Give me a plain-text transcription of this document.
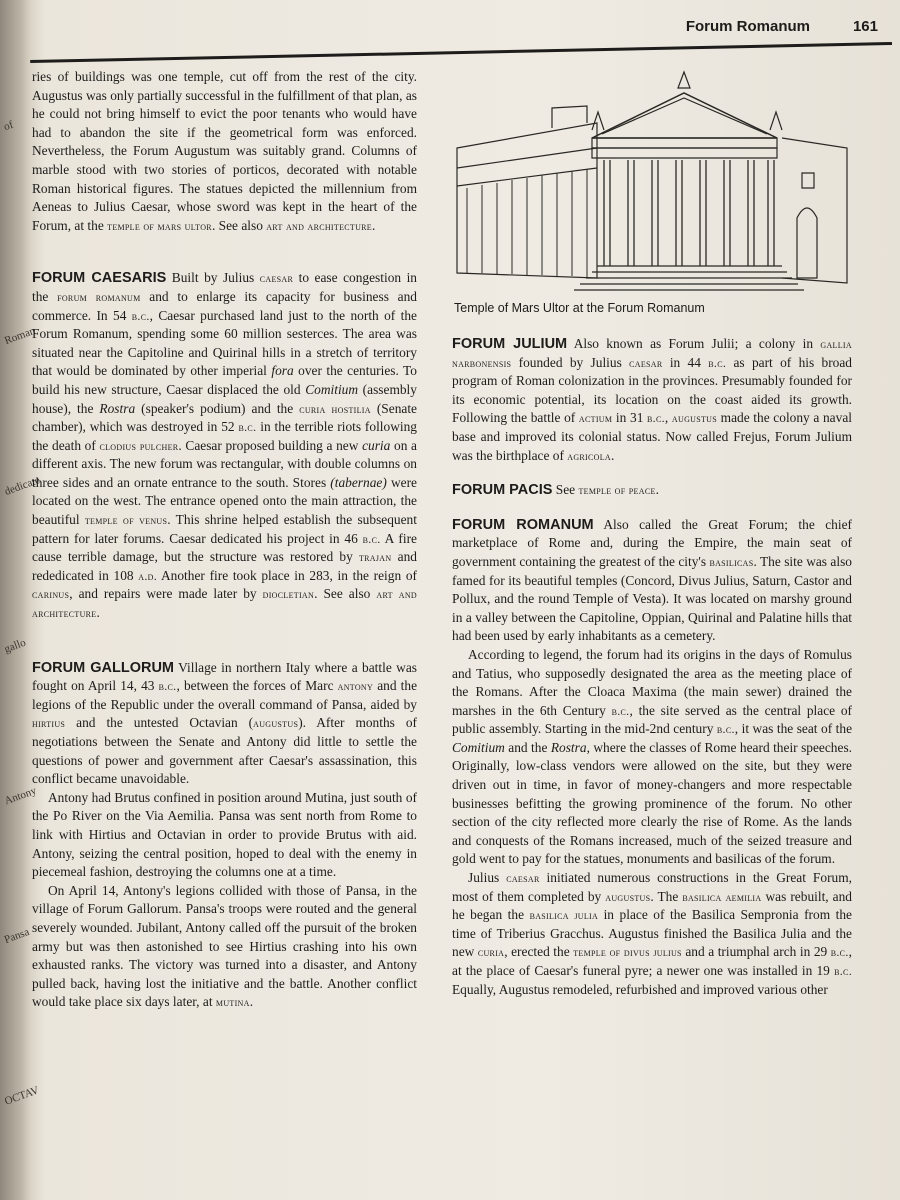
of
Roman
dedicate
gallo
Antony
Pansa
OCTAV
Forum Romanum	161

ries of buildings was one temple, cut off from the rest of the city. Augustus was only partially successful in the fulfillment of that plan, as he could not bring himself to evict the poor tenants who would have had to abandon the site if the geometrical form was enforced. Nevertheless, the Forum Augustum was suitably grand. Columns of marble stood with two stories of porticos, decorated with notable Roman historical figures. The statues depicted the millennium from Aeneas to Julius Caesar, whose sword was kept in the heart of the Forum, at the temple of mars ultor. See also art and architecture.

FORUM CAESARIS Built by Julius caesar to ease congestion in the forum romanum and to enlarge its capacity for business and commerce. In 54 b.c., Caesar purchased land just to the north of the Forum Romanum, spending some 60 million sesterces. The area was situated near the Capitoline and Quirinal hills in a stretch of territory that would be dominated by other imperial fora over the centuries. To build his new structure, Caesar displaced the old Comitium (assembly house), the Rostra (speaker's podium) and the curia hostilia (Senate chamber), which was destroyed in 52 b.c. in the terrible riots following the death of clodius pulcher. Caesar proposed building a new curia on a different axis. The new forum was rectangular, with double columns on three sides and an ornate entrance to the south. Stores (tabernae) were located on the west. The entrance opened onto the main attraction, the beautiful temple of venus. This shrine helped establish the subsequent pattern for later forums. Caesar dedicated his project in 46 b.c. A fire cause terrible damage, but the structure was restored by trajan and rededicated in 108 a.d. Another fire took place in 283, in the reign of carinus, and repairs were made later by diocletian. See also art and architecture.

FORUM GALLORUM Village in northern Italy where a battle was fought on April 14, 43 b.c., between the forces of Marc antony and the legions of the Republic under the overall command of Pansa, aided by hirtius and the untested Octavian (augustus). After months of negotiations between the Senate and Antony did little to settle the questions of power and government after Caesar's assassination, this conflict became unavoidable.

Antony had Brutus confined in position around Mutina, just south of the Po River on the Via Aemilia. Pansa was sent north from Rome to link with Hirtius and Octavian in order to provide Brutus with aid. Antony, seizing the central position, hoped to deal with the enemy in piecemeal fashion, destroying the columns one at a time.

On April 14, Antony's legions collided with those of Pansa, in the village of Forum Gallorum. Pansa's troops were routed and the general severely wounded. Jubilant, Antony called off the pursuit of the broken army but was then astonished to see Hirtius crashing into his own exhausted ranks. The victory was turned into a disaster, and Antony pulled back, having lost the initiative and the battle. Another conflict would take place six days later, at mutina.

Temple of Mars Ultor at the Forum Romanum

FORUM JULIUM Also known as Forum Julii; a colony in gallia narbonensis founded by Julius caesar in 44 b.c. as part of his broad program of Roman colonization in the provinces. Presumably founded for its economic potential, its location on the coast aided its growth. Following the battle of actium in 31 b.c., augustus made the colony a naval base and improved its colonial status. Now called Frejus, Forum Julium was the birthplace of agricola.

FORUM PACIS See temple of peace.

FORUM ROMANUM Also called the Great Forum; the chief marketplace of Rome and, during the Empire, the main seat of government containing the greatest of the city's basilicas. The site was also famed for its beautiful temples (Concord, Divus Julius, Saturn, Castor and Pollux, and the round Temple of Vesta). It was located on marshy ground in a valley between the Capitoline, Oppian, Quirinal and Palatine hills that had been used by early inhabitants as a cemetery.

According to legend, the forum had its origins in the days of Romulus and Tatius, who supposedly designated the area as the meeting place of the Romans. After the Cloaca Maxima (the main sewer) drained the marshes in the 6th Century b.c., the site served as the central place of public assembly. Starting in the mid-2nd century b.c., it was the seat of the Comitium and the Rostra, where the classes of Rome heard their speeches. Originally, low-class vendors were allowed on the site, but they were driven out in time, in favor of money-changers and more respectable businesses befitting the growing prominence of the forum. No other section of the city reflected more clearly the rise of Rome. As the lands and conquests of the Romans increased, much of the seized treasure and gold went to pay for the statues, monuments and basilicas of the forum.

Julius caesar initiated numerous constructions in the Great Forum, most of them completed by augustus. The basilica aemilia was rebuilt, and he began the basilica julia in place of the Basilica Sempronia from the time of Triberius Gracchus. Augustus finished the Basilica Julia and the new curia, erected the temple of divus julius and a triumphal arch in 29 b.c., at the place of Caesar's funeral pyre; a newer one was installed in 19 b.c. Equally, Augustus remodeled, refurbished and improved various other
